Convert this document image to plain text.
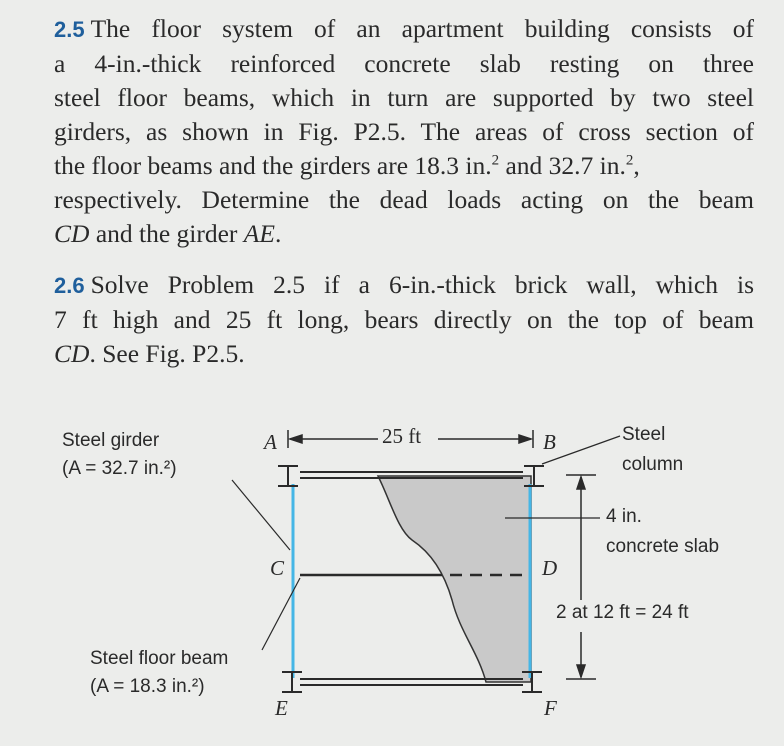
2.5 The floor system of an apartment building consists of
a 4-in.-thick reinforced concrete slab resting on three
steel floor beams, which in turn are supported by two steel
girders, as shown in Fig. P2.5. The areas of cross section of
the floor beams and the girders are 18.3 in.$^2$ and 32.7 in.$^2$,
respectively. Determine the dead loads acting on the beam
CD and the girder AE.
2.6 Solve Problem 2.5 if a 6-in.-thick brick wall, which is
7 ft high and 25 ft long, bears directly on the top of beam
CD. See Fig. P2.5.
Steel girder
(A = 32.7 in.²)
Steel floor beam
(A = 18.3 in.²)
25 ft	Steel
column
4 in.
concrete slab
2 at 12 ft = 24 ft
A	B
C	D
E	F
